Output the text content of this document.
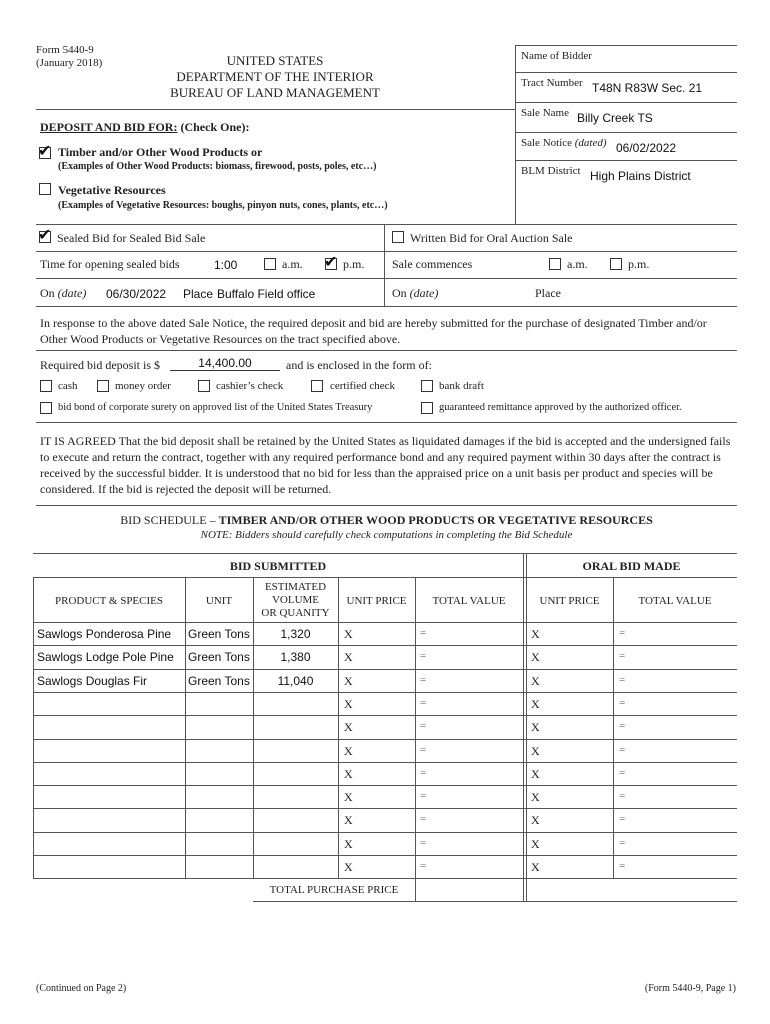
Form 5440-9
(January 2018)	UNITED STATES
DEPARTMENT OF THE INTERIOR
BUREAU OF LAND MANAGEMENT
Name of Bidder
Tract Number T48N R83W Sec. 21
Sale Name Billy Creek TS
Sale Notice (dated) 06/02/2022
BLM District High Plains District
DEPOSIT AND BID FOR: (Check One):
✔ Timber and/or Other Wood Products or
(Examples of Other Wood Products: biomass, firewood, posts, poles, etc…)
Vegetative Resources
(Examples of Vegetative Resources: boughs, pinyon nuts, cones, plants, etc…)
✔ Sealed Bid for Sealed Bid Sale	Written Bid for Oral Auction Sale
Time for opening sealed bids	1:00	a.m. ✔ p.m. Sale commences	a.m.	p.m.
On (date) 06/30/2022 Place Buffalo Field office	On (date)	Place
In response to the above dated Sale Notice, the required deposit and bid are hereby submitted for the purchase of designated Timber and/or Other Wood Products or Vegetative Resources on the tract specified above.
Required bid deposit is $	14,400.00	and is enclosed in the form of:
cash	money order	cashier’s check	certified check	bank draft
bid bond of corporate surety on approved list of the United States Treasury	guaranteed remittance approved by the authorized officer.
IT IS AGREED That the bid deposit shall be retained by the United States as liquidated damages if the bid is accepted and the undersigned fails to execute and return the contract, together with any required performance bond and any required payment within 30 days after the contract is received by the successful bidder. It is understood that no bid for less than the appraised price on a unit basis per product and species will be considered. If the bid is rejected the deposit will be returned.
BID SCHEDULE – TIMBER AND/OR OTHER WOOD PRODUCTS OR VEGETATIVE RESOURCES
NOTE: Bidders should carefully check computations in completing the Bid Schedule
BID SUBMITTED	ORAL BID MADE
PRODUCT & SPECIES	UNIT
ESTIMATED
VOLUME
OR QUANITY
UNIT PRICE	TOTAL VALUE	UNIT PRICE	TOTAL VALUE
Sawlogs Ponderosa Pine Green Tons	1,320	X	=	X	=
Sawlogs Lodge Pole Pine Green Tons	1,380	X	=	X	=
Sawlogs Douglas Fir	Green Tons	11,040	X	=	X	=
X	=	X	=
X	=	X	=
X	=	X	=
X	=	X	=
X	=	X	=
X	=	X	=
X	=	X	=
X	=	X	=
TOTAL PURCHASE PRICE
(Continued on Page 2)	(Form 5440-9, Page 1)
